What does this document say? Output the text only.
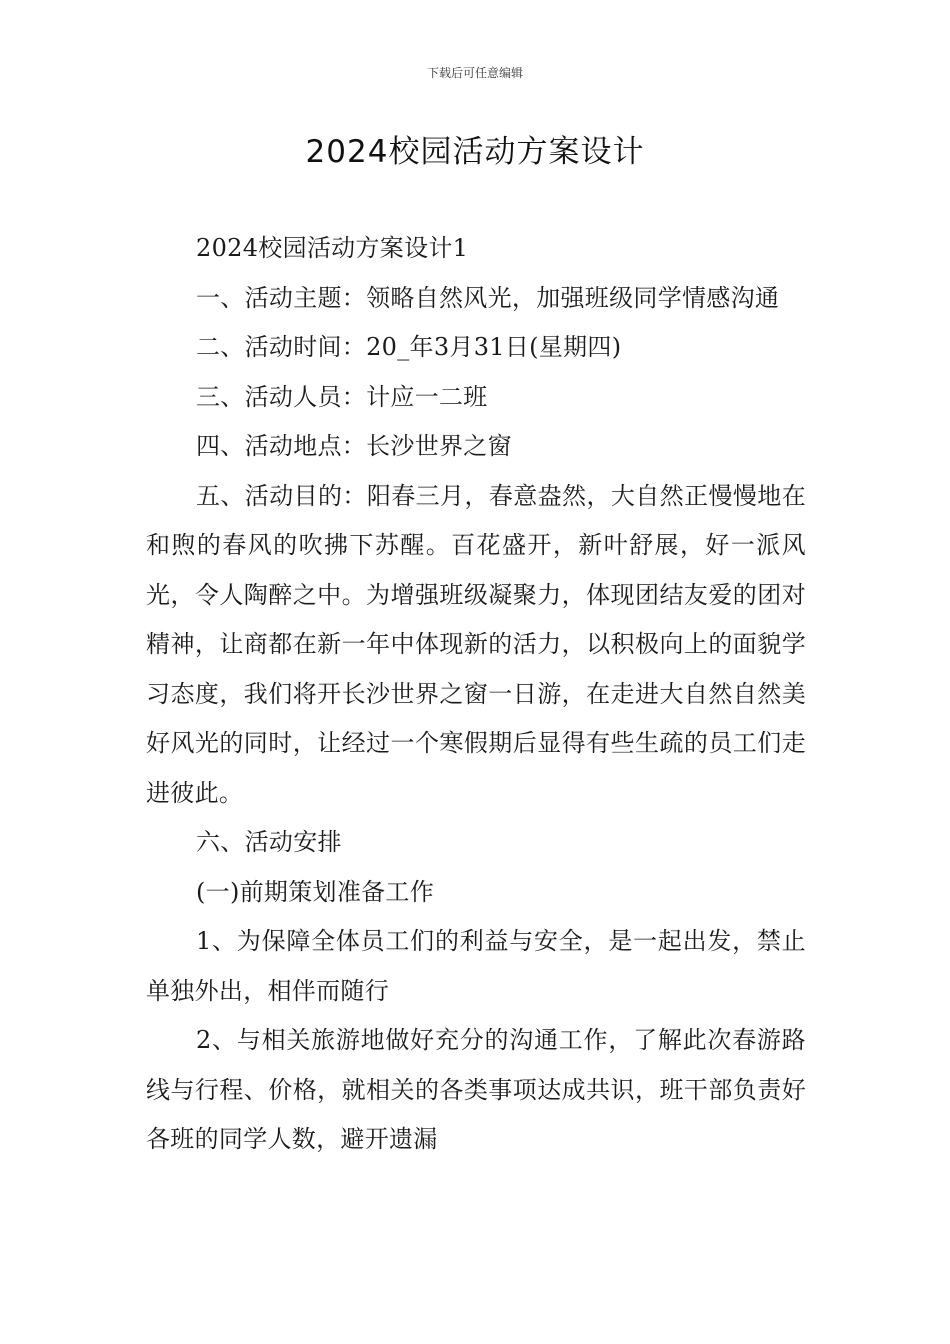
下载后可任意编辑
2024校园活动方案设计

2024校园活动方案设计1

一、活动主题：领略自然风光，加强班级同学情感沟通

二、活动时间：20_年3月31日(星期四)

三、活动人员：计应一二班

四、活动地点：长沙世界之窗

五、活动目的：阳春三月，春意盎然，大自然正慢慢地在和煦的春风的吹拂下苏醒。百花盛开，新叶舒展，好一派风光，令人陶醉之中。为增强班级凝聚力，体现团结友爱的团对精神，让商都在新一年中体现新的活力，以积极向上的面貌学习态度，我们将开长沙世界之窗一日游，在走进大自然自然美好风光的同时，让经过一个寒假期后显得有些生疏的员工们走进彼此。

六、活动安排

(一)前期策划准备工作

1、为保障全体员工们的利益与安全，是一起出发，禁止单独外出，相伴而随行

2、与相关旅游地做好充分的沟通工作，了解此次春游路线与行程、价格，就相关的各类事项达成共识，班干部负责好各班的同学人数，避开遗漏
